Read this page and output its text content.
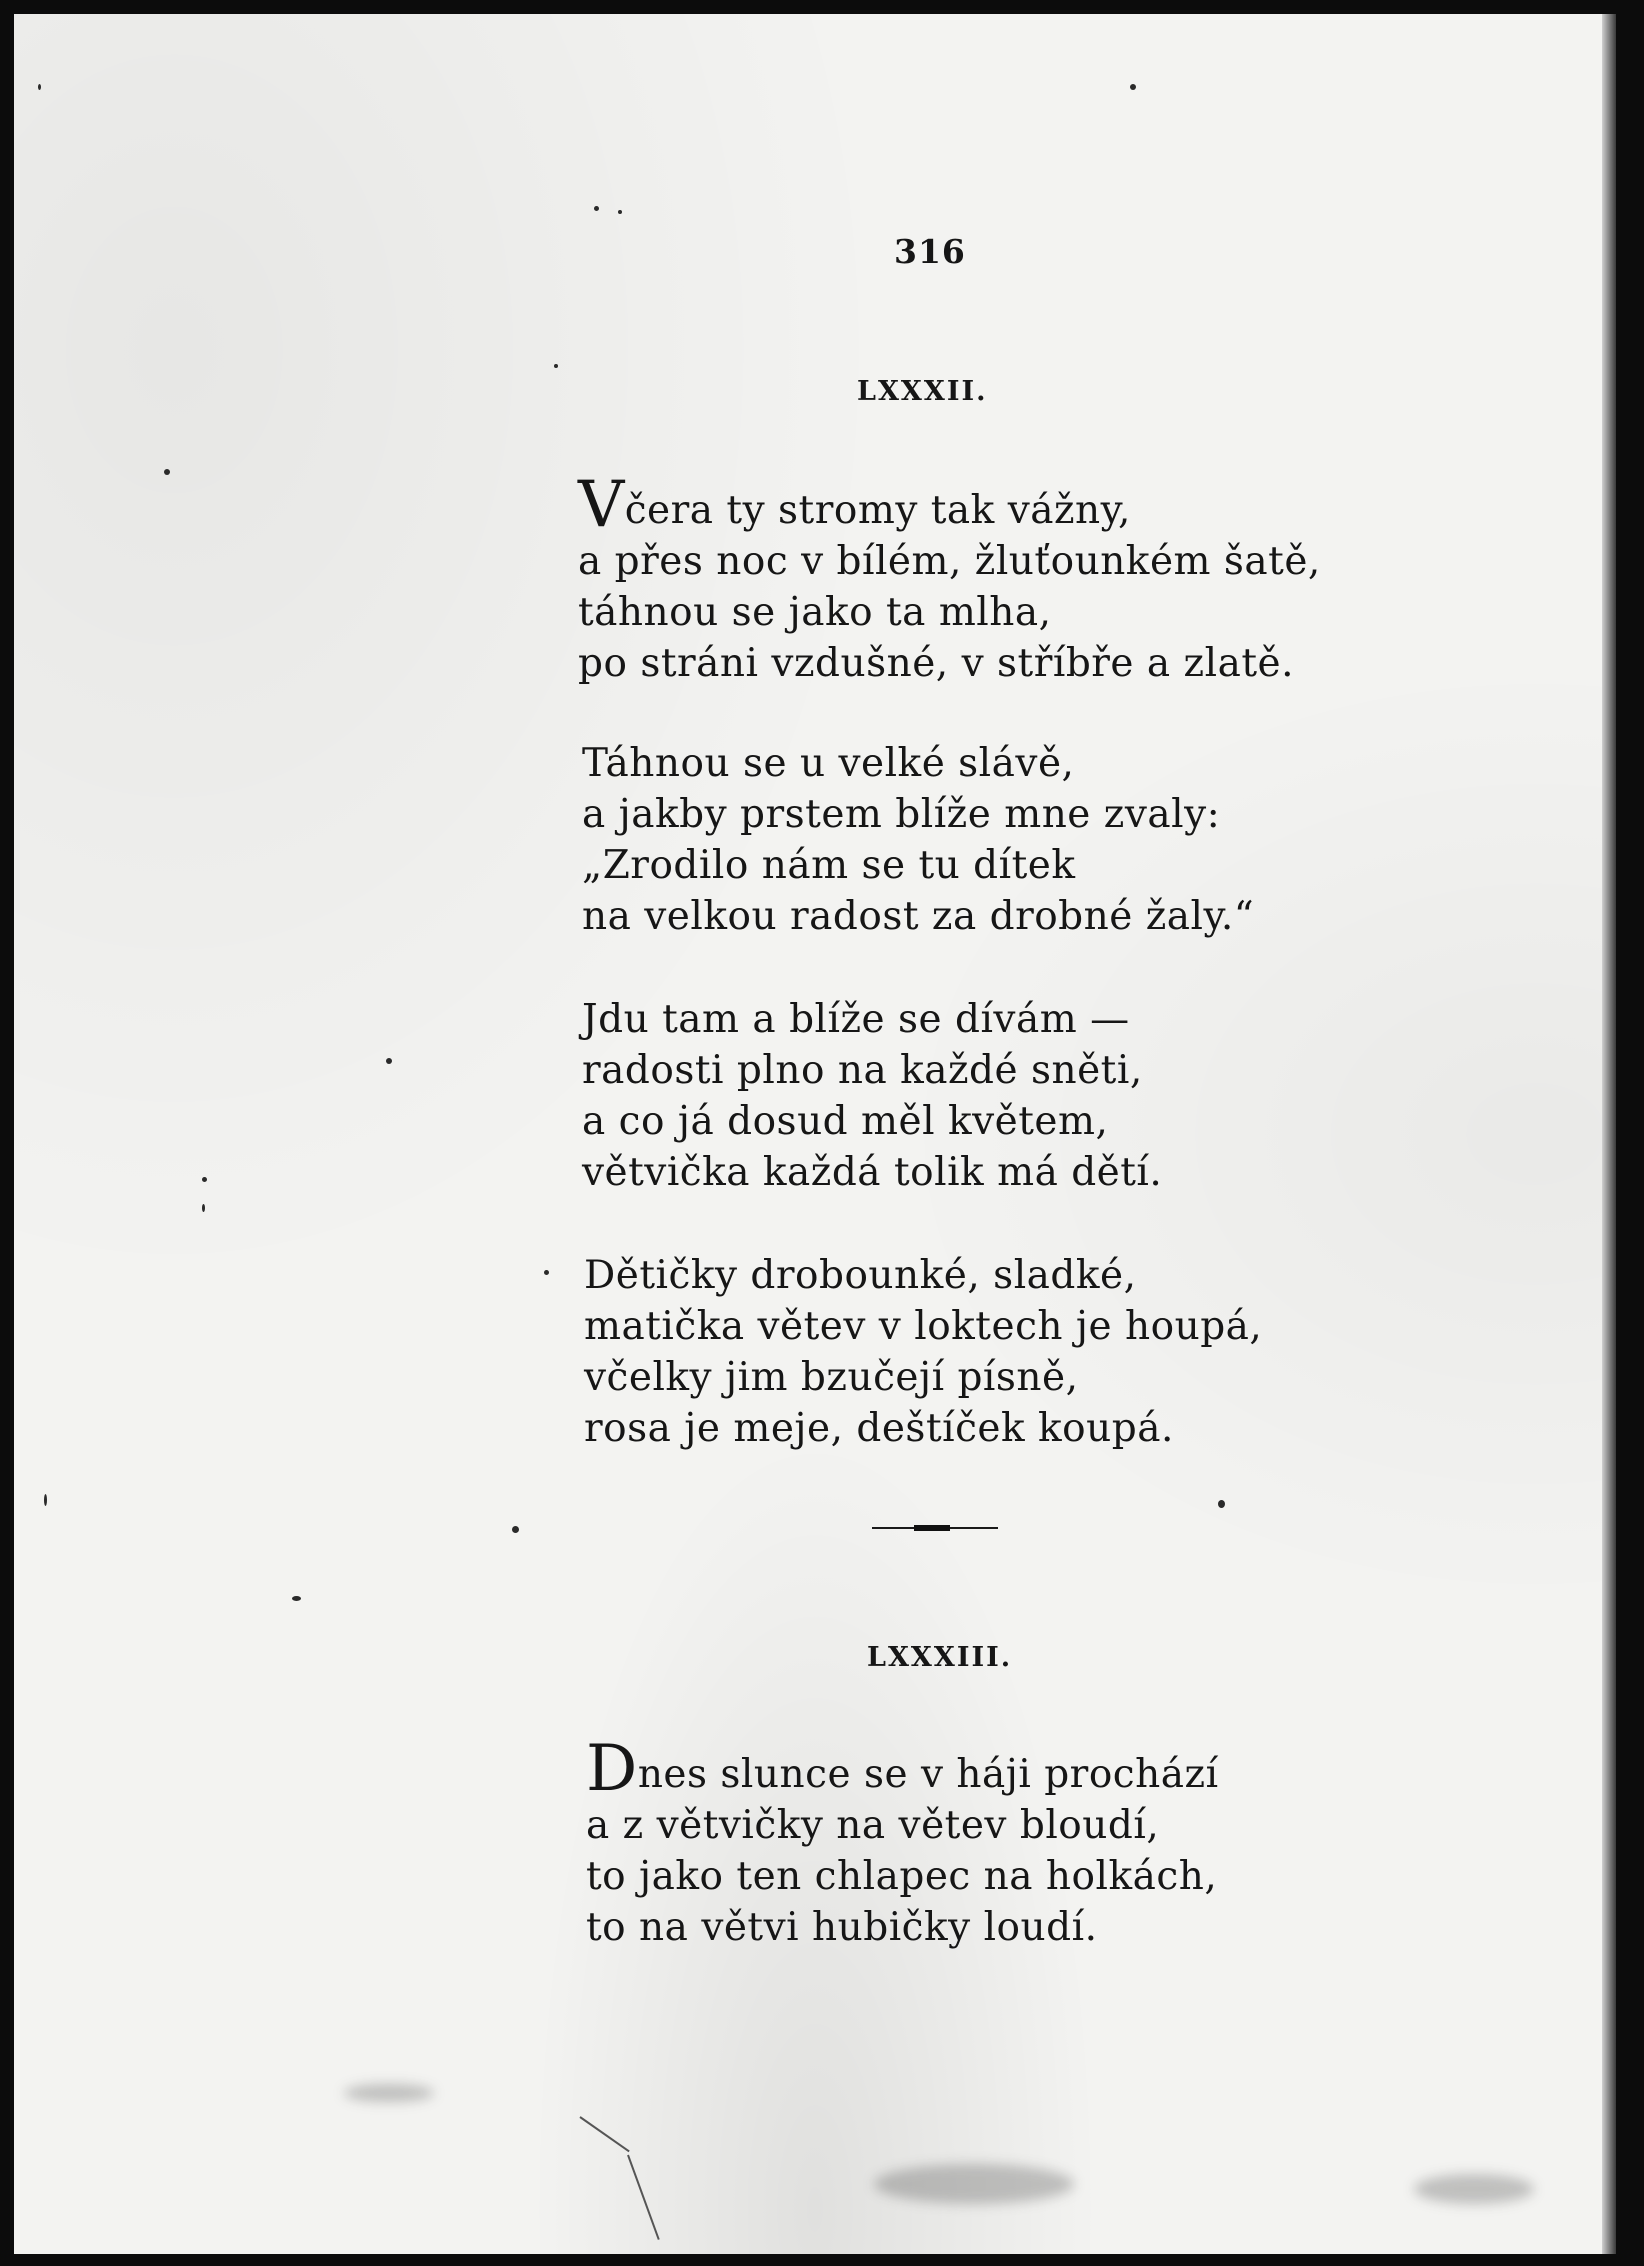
316
LXXXII.
Včera ty stromy tak vážny,
a přes noc v bílém, žluťounkém šatě,
táhnou se jako ta mlha,
po stráni vzdušné, v stříbře a zlatě.
Táhnou se u velké slávě,
a jakby prstem blíže mne zvaly:
„Zrodilo nám se tu dítek
na velkou radost za drobné žaly.“
Jdu tam a blíže se dívám —
radosti plno na každé sněti,
a co já dosud měl květem,
větvička každá tolik má dětí.
Dětičky drobounké, sladké,
matička větev v loktech je houpá,
včelky jim bzučejí písně,
rosa je meje, deštíček koupá.
LXXXIII.
Dnes slunce se v háji prochází
a z větvičky na větev bloudí,
to jako ten chlapec na holkách,
to na větvi hubičky loudí.
